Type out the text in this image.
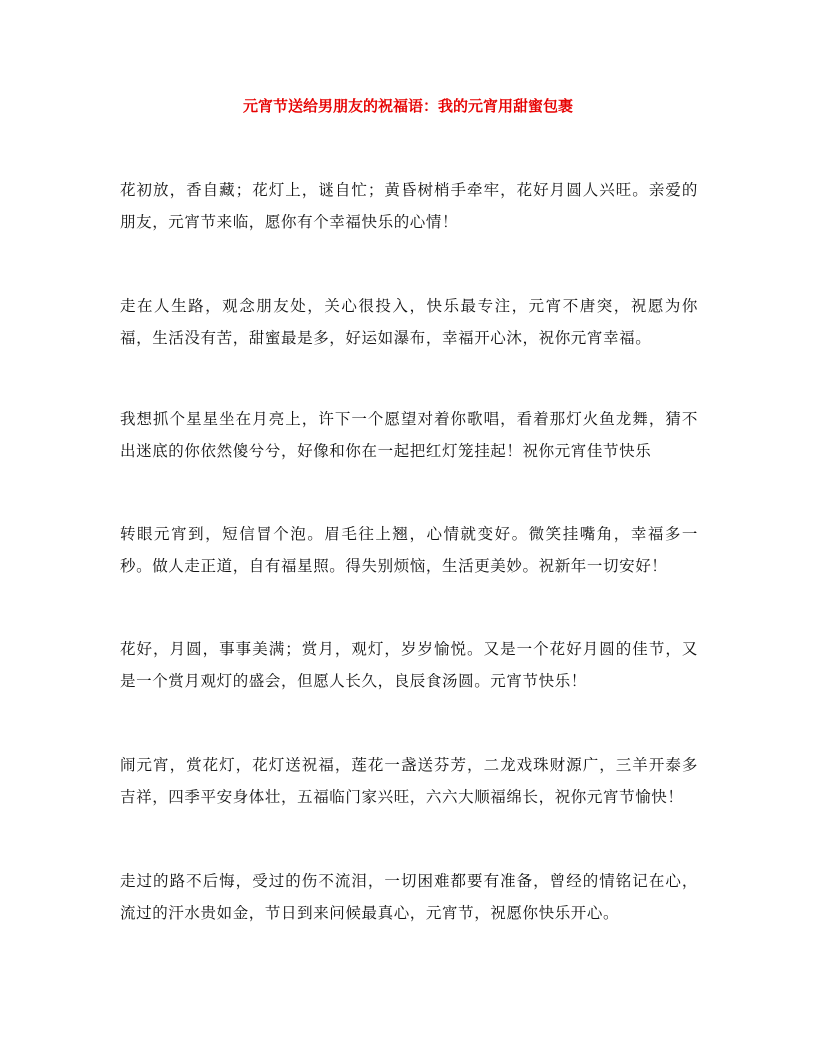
元宵节送给男朋友的祝福语：我的元宵用甜蜜包裹

花初放，香自藏；花灯上，谜自忙；黄昏树梢手牵牢，花好月圆人兴旺。亲爱的朋友，元宵节来临，愿你有个幸福快乐的心情！

走在人生路，观念朋友处，关心很投入，快乐最专注，元宵不唐突，祝愿为你福，生活没有苦，甜蜜最是多，好运如瀑布，幸福开心沐，祝你元宵幸福。

我想抓个星星坐在月亮上，许下一个愿望对着你歌唱，看着那灯火鱼龙舞，猜不出迷底的你依然傻兮兮，好像和你在一起把红灯笼挂起！祝你元宵佳节快乐

转眼元宵到，短信冒个泡。眉毛往上翘，心情就变好。微笑挂嘴角，幸福多一秒。做人走正道，自有福星照。得失别烦恼，生活更美妙。祝新年一切安好！

花好，月圆，事事美满；赏月，观灯，岁岁愉悦。又是一个花好月圆的佳节，又是一个赏月观灯的盛会，但愿人长久，良辰食汤圆。元宵节快乐！

闹元宵，赏花灯，花灯送祝福，莲花一盏送芬芳，二龙戏珠财源广，三羊开泰多吉祥，四季平安身体壮，五福临门家兴旺，六六大顺福绵长，祝你元宵节愉快！

走过的路不后悔，受过的伤不流泪，一切困难都要有准备，曾经的情铭记在心，流过的汗水贵如金，节日到来问候最真心，元宵节，祝愿你快乐开心。
